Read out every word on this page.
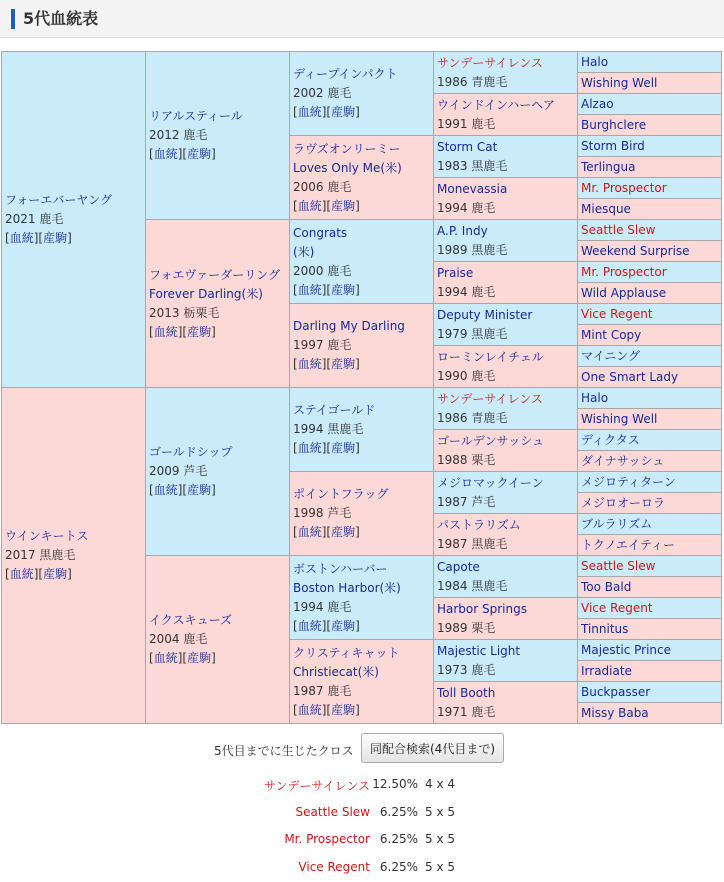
5代血統表
フォーエバーヤング
2021 鹿毛
[血統][産駒]	リアルスティール
2012 鹿毛
[血統][産駒]	ディープインパクト
2002 鹿毛
[血統][産駒]	サンデーサイレンス
1986 青鹿毛	Halo
				Wishing Well
			ウインドインハーヘア
1991 鹿毛	Alzao
				Burghclere
		ラヴズオンリーミー
Loves Only Me(米)
2006 鹿毛
[血統][産駒]	Storm Cat
1983 黒鹿毛	Storm Bird
				Terlingua
			Monevassia
1994 鹿毛	Mr. Prospector
				Miesque
	フォエヴァーダーリング
Forever Darling(米)
2013 栃栗毛
[血統][産駒]	Congrats
(米)
2000 鹿毛
[血統][産駒]	A.P. Indy
1989 黒鹿毛	Seattle Slew
				Weekend Surprise
			Praise
1994 鹿毛	Mr. Prospector
				Wild Applause
		Darling My Darling
1997 鹿毛
[血統][産駒]	Deputy Minister
1979 黒鹿毛	Vice Regent
				Mint Copy
			ローミンレイチェル
1990 鹿毛	マイニング
				One Smart Lady
ウインキートス
2017 黒鹿毛
[血統][産駒]	ゴールドシップ
2009 芦毛
[血統][産駒]	ステイゴールド
1994 黒鹿毛
[血統][産駒]	サンデーサイレンス
1986 青鹿毛	Halo
				Wishing Well
			ゴールデンサッシュ
1988 栗毛	ディクタス
				ダイナサッシュ
		ポイントフラッグ
1998 芦毛
[血統][産駒]	メジロマックイーン
1987 芦毛	メジロティターン
				メジロオーロラ
			パストラリズム
1987 黒鹿毛	ブルラリズム
				トクノエイティー
	イクスキューズ
2004 鹿毛
[血統][産駒]	ボストンハーバー
Boston Harbor(米)
1994 鹿毛
[血統][産駒]	Capote
1984 黒鹿毛	Seattle Slew
				Too Bald
			Harbor Springs
1989 栗毛	Vice Regent
				Tinnitus
		クリスティキャット
Christiecat(米)
1987 鹿毛
[血統][産駒]	Majestic Light
1973 鹿毛	Majestic Prince
				Irradiate
			Toll Booth
1971 鹿毛	Buckpasser
				Missy Baba
5代目までに生じたクロス	同配合検索(4代目まで)
サンデーサイレンス 12.50% 4 x 4
Seattle Slew 6.25% 5 x 5
Mr. Prospector 6.25% 5 x 5
Vice Regent 6.25% 5 x 5
